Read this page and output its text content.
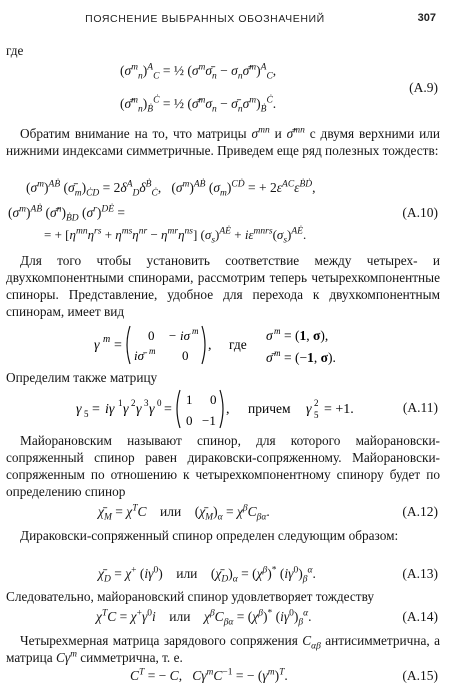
ПОЯСНЕНИЕ ВЫБРАННЫХ ОБОЗНАЧЕНИЙ	307

где

$(\sigma^m_n)^A_C$ = ½ ($\sigma^m\sigmā_n$ − $\sigma_n\sigmā^m)^A_C$,
$(\sigmā^m_n)_Ḃ^Ċ$ = ½ ($\sigmā^m\sigma_n$ − $\sigmā_n\sigma^m)_Ḃ^Ċ$.
(A.9)

Обратим внимание на то, что матрицы $\sigma^{mn}$ и σ̄$^{mn}$ с двумя верхними или нижними индексами симметричные. Приведем еще ряд полезных тождеств:

$(\sigma^m)^{AḂ}$ $(\sigmā_m)_{ĊD} = 2\delta^A_D\delta^Ḃ_Ċ$,   $(\sigma^m)^{AḂ}$ $(\sigma_m)^{CḊ}$ = + $2\varepsilon^{AC}\varepsilon^{ḂḊ}$,
$(\sigma^m)^{AḂ}$ $(\sigmā^n)_{ḂD}$ $(\sigma^r)^{DĖ}$ =	(A.10)
= + $[\eta^{mn}\eta^{rs} + \eta^{ms}\eta^{nr} - \eta^{mr}\eta^{ns}] (\sigma_s)^{AĖ} + i\varepsilon^{mnrs}(\sigma_s)^{AĖ}$.

Для того чтобы установить соответствие между четырех- и двухкомпонентными спинорами, рассмотрим теперь четырехкомпонентные спиноры. Представление, удобное для перехода к двухкомпонентным спинорам, имеет вид

γ m =
0 − iσ m
iσ̄ m 0
, где
σ m = (1, σ),
σ̄ m = (−1, σ).

Определим также матрицу

γ 5 = iγ 1 γ 2 γ 3 γ 0 =
1 0
0 −1
, причем γ 2
5 = +1.	(A.11)

Майорановским называют спинор, для которого майорановски-сопряженный спинор равен дираковски-сопряженному. Майорановски-сопряженным по отношению к четырехкомпонентному спинору будет по определению спинор

$\chī_M = \chi^TC$    или    $(\chī_M)_\alpha = \chi^\beta C_{\beta\alpha}$.	(A.12)

Дираковски-сопряженный спинор определен следующим образом:

$\chī_D = \chi^+$ $(i\gamma^0)$    или    $(\chī_D)_\alpha = (\chi^\beta)^*$ $(i\gamma^0)_\beta^\alpha$.	(A.13)

Следовательно, майорановский спинор удовлетворяет тождеству

$\chi^TC = \chi^+\gamma^0i$    или    $\chi^\beta C_{\beta\alpha} = (\chi^\beta)^*$ $(i\gamma^0)_\beta^\alpha$.	(A.14)

Четырехмерная матрица зарядового сопряжения $C_{\alpha\beta}$ антисимметрична, а матрица $C\gamma^m$ симметрична, т. е.

$C^T$ = − C,   $C\gamma^mC^{-1}$ = − $(\gamma^m)^T$.	(A.15)
